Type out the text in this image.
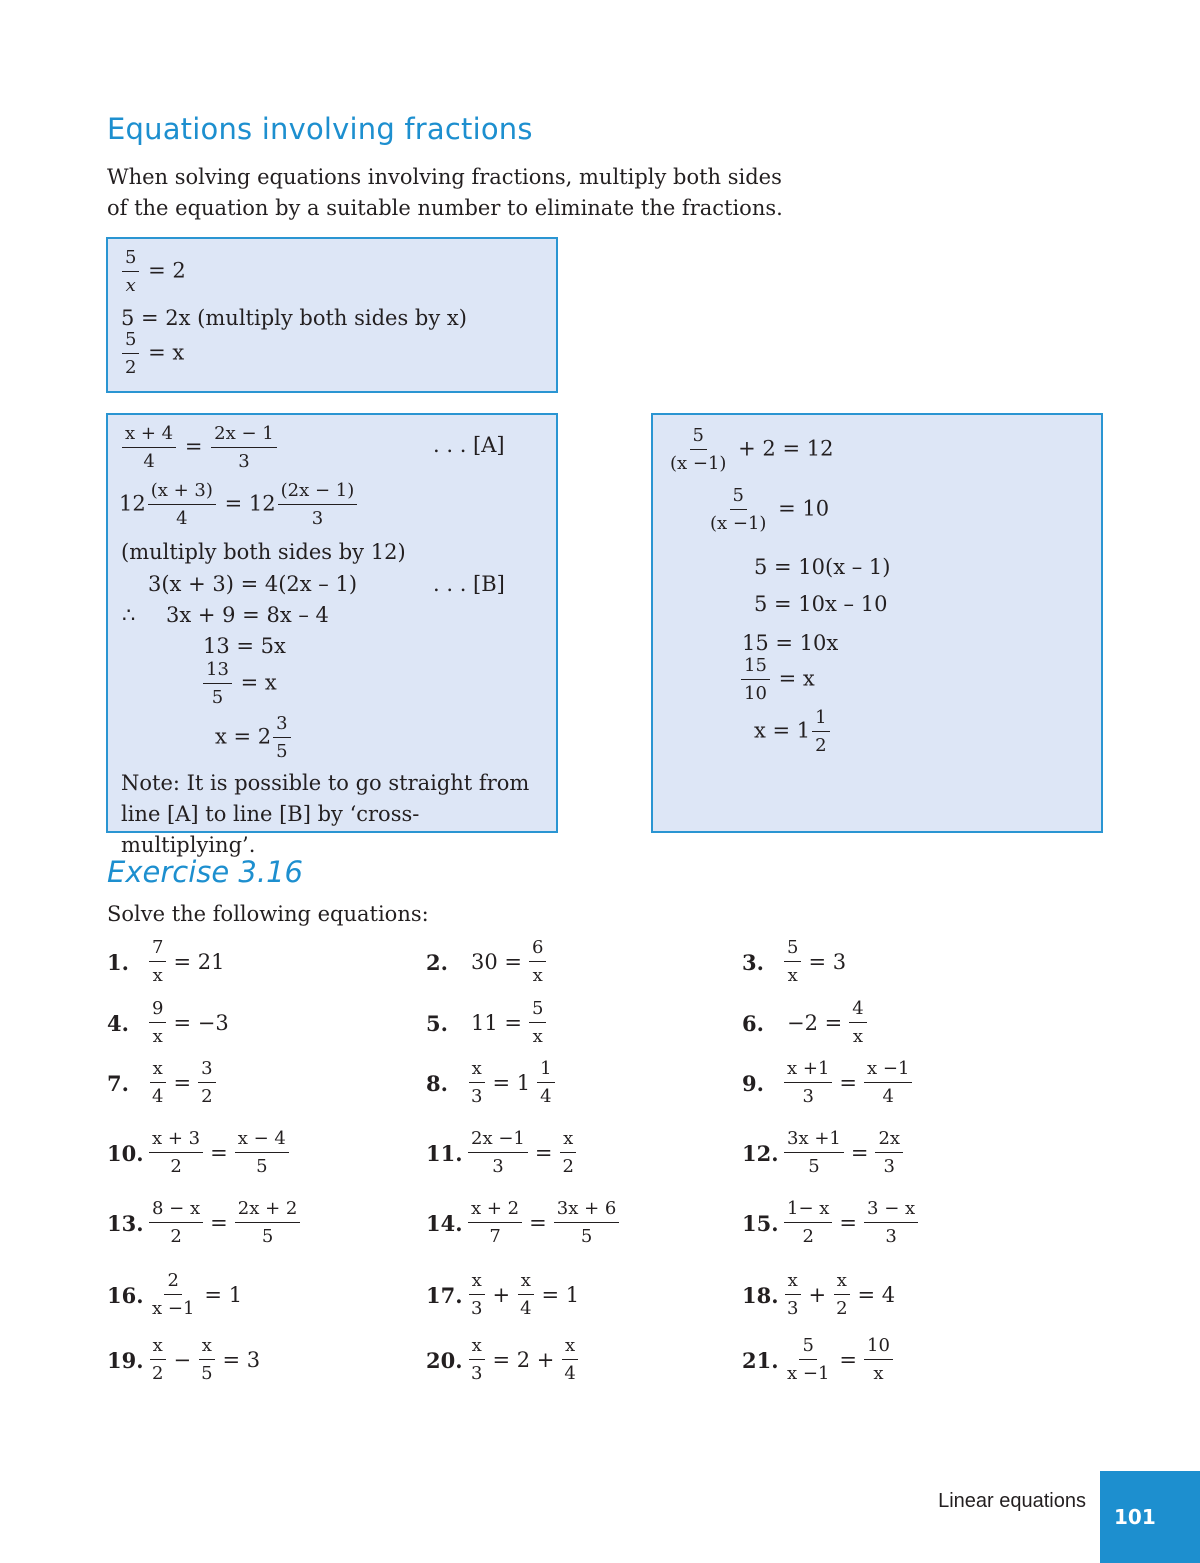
Equations involving fractions

When solving equations involving fractions, multiply both sides of the equation by a suitable number to eliminate the fractions.

$\frac{5}{x} = 2$
5 = 2x (multiply both sides by x)
$\frac{5}{2} = x$
$\frac{x + 4}{4} = \frac{2x - 1}{3}$	. . . [A]
$12 \frac{(x + 3)}{4} = 12 \frac{(2x - 1)}{3}$
(multiply both sides by 12)
3(x + 3) = 4(2x – 1)	. . . [B]
∴ 3x + 9 = 8x – 4
13 = 5x
$\frac{13}{5} = x$
$x = 2 \frac{3}{5}$

Note: It is possible to go straight from line [A] to line [B] by ‘cross-multiplying’.

$\frac{5}{(x -1)} + 2 = 12$
$\frac{5}{(x -1)} = 10$
5 = 10(x – 1)
5 = 10x – 10
15 = 10x
$\frac{15}{10} = x$
$x = 1 \frac{1}{2}$
Exercise 3.16

Solve the following equations:

1.	$\frac{7}{x} = 21$	2.	$30 = \frac{6}{x}$	3.	$\frac{5}{x} = 3$
4.	$\frac{9}{x} = -3$	5.	$11 = \frac{5}{x}$	6.	$-2 = \frac{4}{x}$
7.	$\frac{x}{4} = \frac{3}{2}$	8.	$\frac{x}{3} = 1 \frac{1}{4}$	9.	$\frac{x +1}{3} = \frac{x -1}{4}$
10. $\frac{x + 3}{2} = \frac{x - 4}{5}$	11. $\frac{2x -1}{3} = \frac{x}{2}$	12. $\frac{3x +1}{5} = \frac{2x}{3}$
13. $\frac{8 - x}{2} = \frac{2x + 2}{5}$	14. $\frac{x + 2}{7} = \frac{3x + 6}{5}$	15. $\frac{1- x}{2} = \frac{3 - x}{3}$
16. $\frac{2}{x -1} = 1$	17. $\frac{x}{3} + \frac{x}{4} = 1$	18. $\frac{x}{3} + \frac{x}{2} = 4$
19. $\frac{x}{2} - \frac{x}{5} = 3$	20. $\frac{x}{3} = 2 + \frac{x}{4}$	21. $\frac{5}{x -1} = \frac{10}{x}$
Linear equations
101
